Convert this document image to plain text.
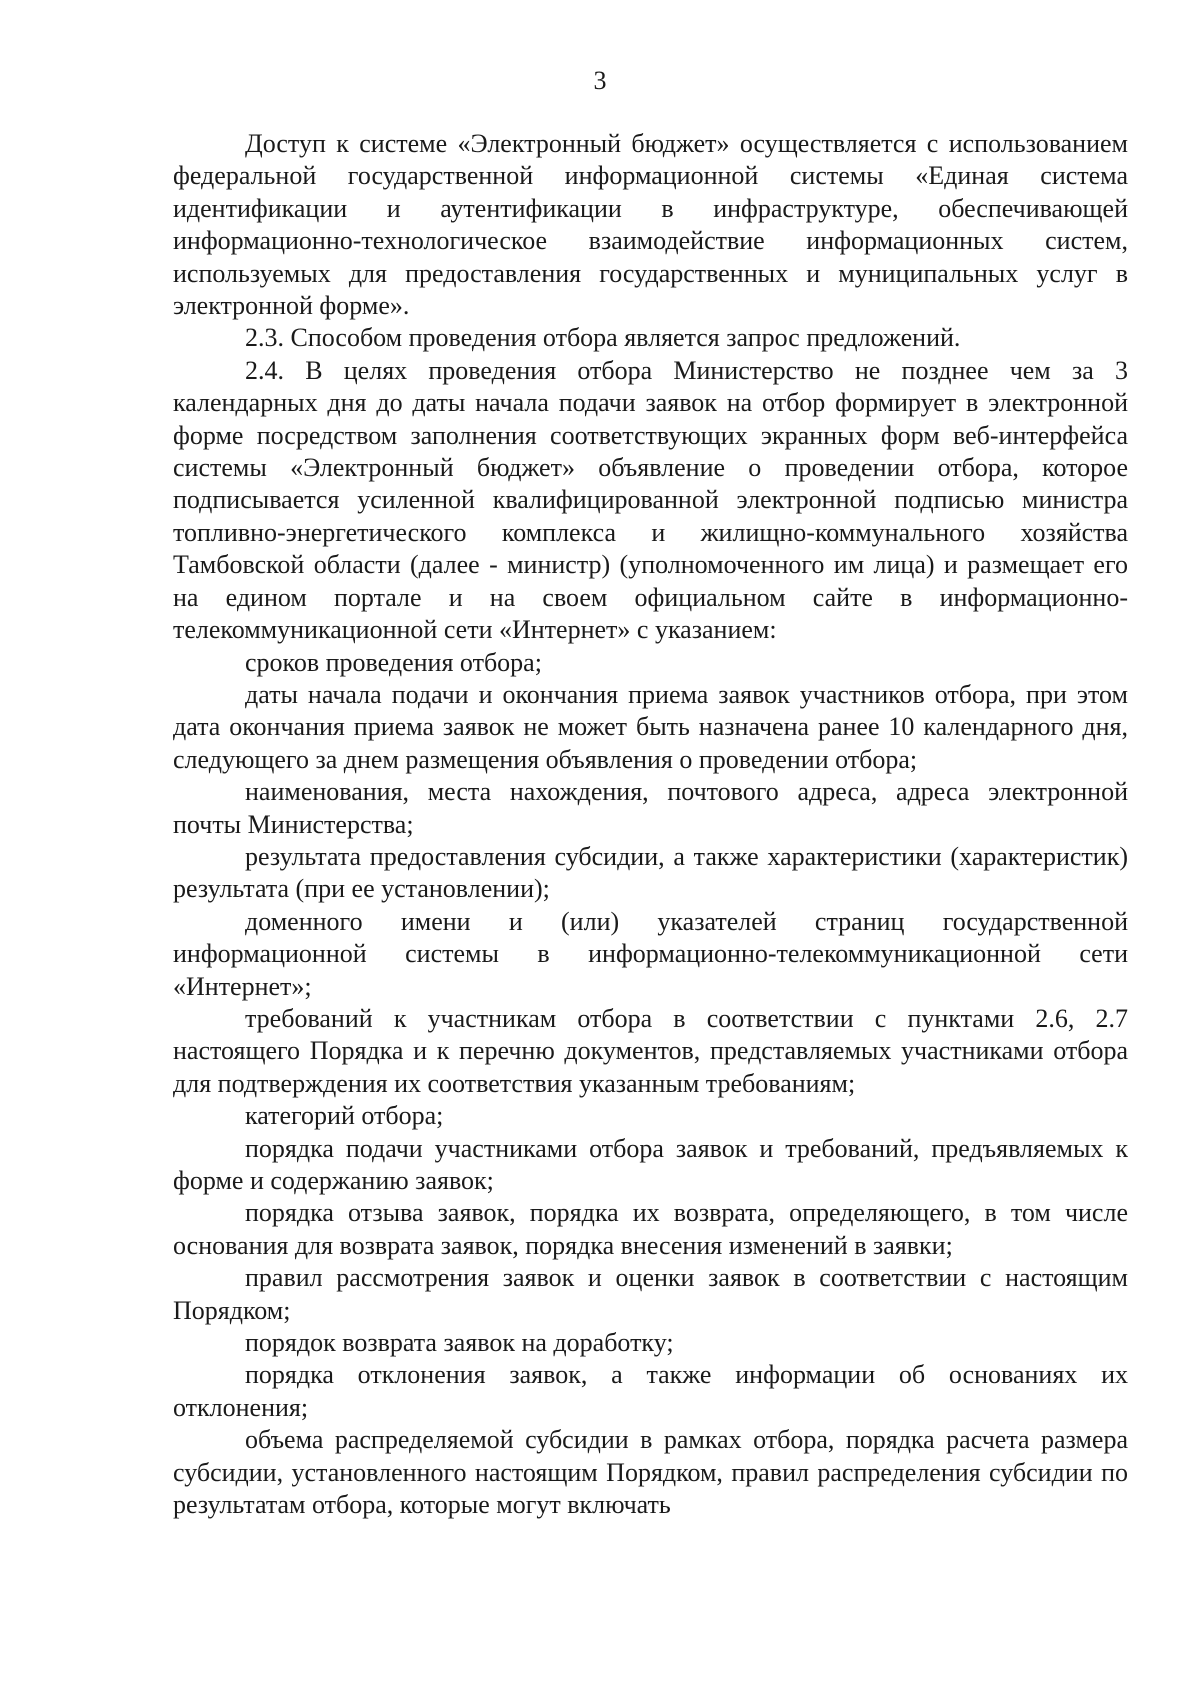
3

Доступ к системе «Электронный бюджет» осуществляется с использованием федеральной государственной информационной системы «Единая система идентификации и аутентификации в инфраструктуре, обеспечивающей информационно-технологическое взаимодействие информационных систем, используемых для предоставления государственных и муниципальных услуг в электронной форме».

2.3. Способом проведения отбора является запрос предложений.

2.4. В целях проведения отбора Министерство не позднее чем за 3 календарных дня до даты начала подачи заявок на отбор формирует в электронной форме посредством заполнения соответствующих экранных форм веб-интерфейса системы «Электронный бюджет» объявление о проведении отбора, которое подписывается усиленной квалифицированной электронной подписью министра топливно-энергетического комплекса и жилищно-коммунального хозяйства Тамбовской области (далее - министр) (уполномоченного им лица) и размещает его на едином портале и на своем официальном сайте в информационно-телекоммуникационной сети «Интернет» с указанием:

сроков проведения отбора;

даты начала подачи и окончания приема заявок участников отбора, при этом дата окончания приема заявок не может быть назначена ранее 10 календарного дня, следующего за днем размещения объявления о проведении отбора;

наименования, места нахождения, почтового адреса, адреса электронной почты Министерства;

результата предоставления субсидии, а также характеристики (характеристик) результата (при ее установлении);

доменного имени и (или) указателей страниц государственной информационной системы в информационно-телекоммуникационной сети «Интернет»;

требований к участникам отбора в соответствии с пунктами 2.6, 2.7 настоящего Порядка и к перечню документов, представляемых участниками отбора для подтверждения их соответствия указанным требованиям;

категорий отбора;

порядка подачи участниками отбора заявок и требований, предъявляемых к форме и содержанию заявок;

порядка отзыва заявок, порядка их возврата, определяющего, в том числе основания для возврата заявок, порядка внесения изменений в заявки;

правил рассмотрения заявок и оценки заявок в соответствии с настоящим Порядком;

порядок возврата заявок на доработку;

порядка отклонения заявок, а также информации об основаниях их отклонения;

объема распределяемой субсидии в рамках отбора, порядка расчета размера субсидии, установленного настоящим Порядком, правил распределения субсидии по результатам отбора, которые могут включать
